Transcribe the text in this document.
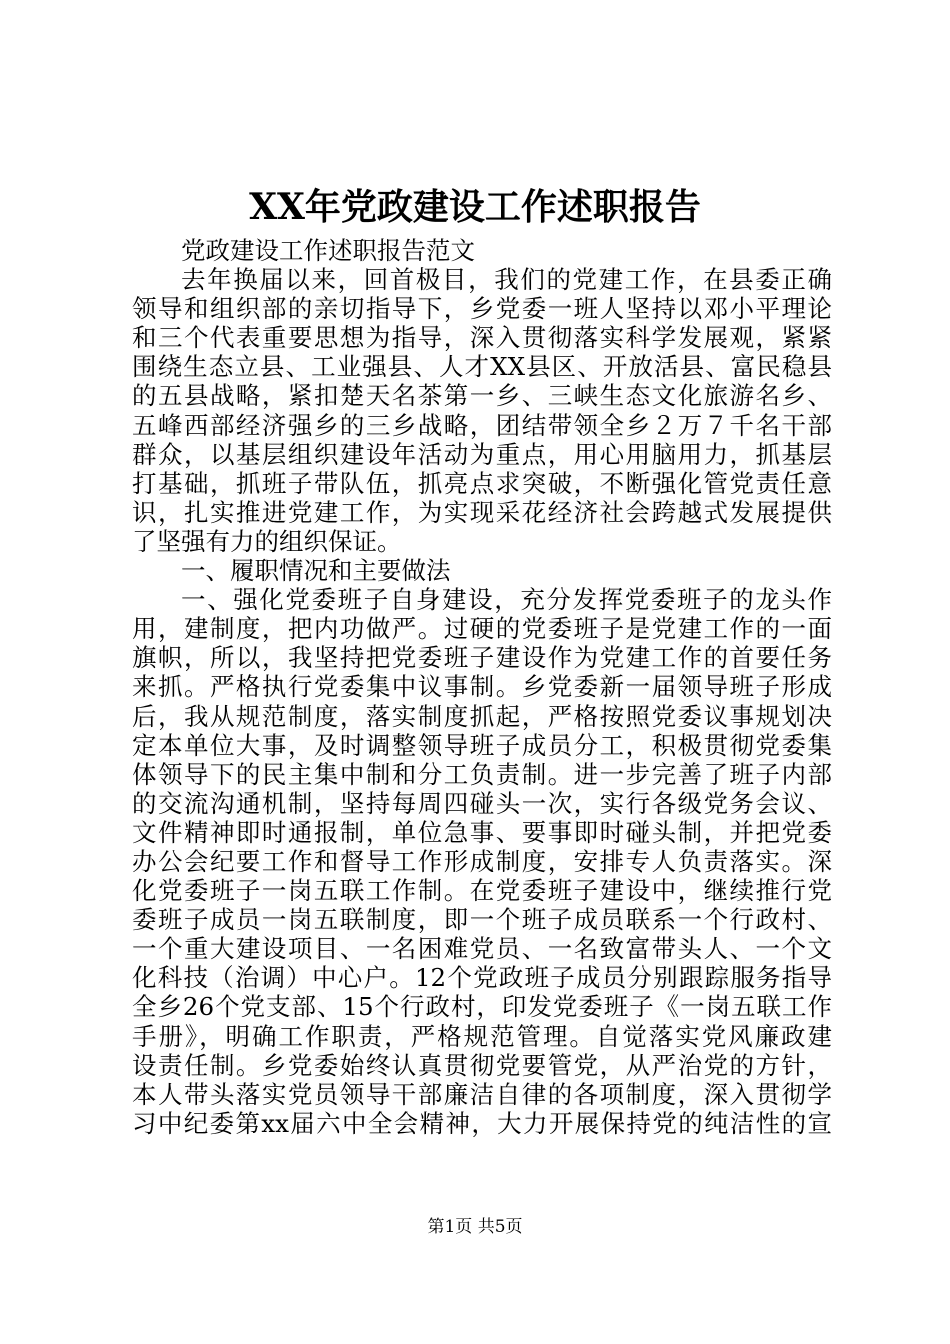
XX年党政建设工作述职报告
党政建设工作述职报告范文
去年换届以来，回首极目，我们的党建工作，在县委正确
领导和组织部的亲切指导下，乡党委一班人坚持以邓小平理论
和三个代表重要思想为指导，深入贯彻落实科学发展观，紧紧
围绕生态立县、工业强县、人才XX县区、开放活县、富民稳县
的五县战略，紧扣楚天名茶第一乡、三峡生态文化旅游名乡、
五峰西部经济强乡的三乡战略，团结带领全乡２万７千名干部
群众，以基层组织建设年活动为重点，用心用脑用力，抓基层
打基础，抓班子带队伍，抓亮点求突破，不断强化管党责任意
识，扎实推进党建工作，为实现采花经济社会跨越式发展提供
了坚强有力的组织保证。
一、履职情况和主要做法
一、强化党委班子自身建设，充分发挥党委班子的龙头作
用，建制度，把内功做严。过硬的党委班子是党建工作的一面
旗帜，所以，我坚持把党委班子建设作为党建工作的首要任务
来抓。严格执行党委集中议事制。乡党委新一届领导班子形成
后，我从规范制度，落实制度抓起，严格按照党委议事规划决
定本单位大事，及时调整领导班子成员分工，积极贯彻党委集
体领导下的民主集中制和分工负责制。进一步完善了班子内部
的交流沟通机制，坚持每周四碰头一次，实行各级党务会议、
文件精神即时通报制，单位急事、要事即时碰头制，并把党委
办公会纪要工作和督导工作形成制度，安排专人负责落实。深
化党委班子一岗五联工作制。在党委班子建设中，继续推行党
委班子成员一岗五联制度，即一个班子成员联系一个行政村、
一个重大建设项目、一名困难党员、一名致富带头人、一个文
化科技（治调）中心户。12个党政班子成员分别跟踪服务指导
全乡26个党支部、15个行政村，印发党委班子《一岗五联工作
手册》，明确工作职责，严格规范管理。自觉落实党风廉政建
设责任制。乡党委始终认真贯彻党要管党，从严治党的方针，
本人带头落实党员领导干部廉洁自律的各项制度，深入贯彻学
习中纪委第xx届六中全会精神，大力开展保持党的纯洁性的宣
第1页 共5页
